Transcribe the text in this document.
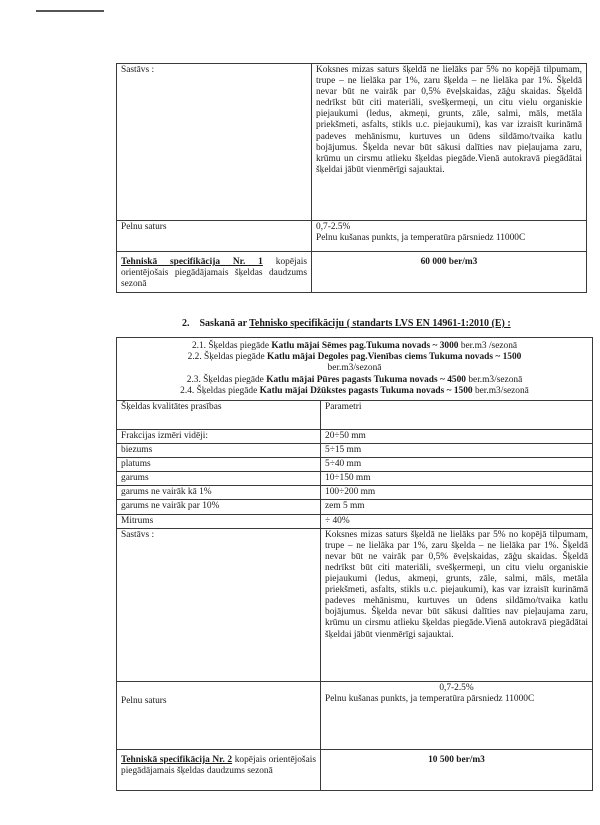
Sastāvs :	Koksnes mizas saturs šķeldā ne lielāks par 5% no kopējā tilpumam, trupe – ne lielāka par 1%, zaru šķelda – ne lielāka par 1%. Šķeldā nevar būt ne vairāk par 0,5% ēveļskaidas, zāģu skaidas. Šķeldā nedrīkst būt citi materiāli, svešķermeņi, un citu vielu organiskie piejaukumi (ledus, akmeņi, grunts, zāle, salmi, māls, metāla priekšmeti, asfalts, stikls u.c. piejaukumi), kas var izraisīt kurināmā padeves mehānismu, kurtuves un ūdens sildāmo/tvaika katlu bojājumus. Šķelda nevar būt sākusi dalīties nav pieļaujama zaru, krūmu un cirsmu atlieku šķeldas piegāde.Vienā autokravā piegādātai šķeldai jābūt vienmērīgi sajauktai.
Pelnu saturs	0,7-2.5%
Pelnu kušanas punkts, ja temperatūra pārsniedz 11000C

Tehniskā specifikācija Nr. 1 kopējais orientējošais piegādājamais šķeldas daudzums sezonā	60 000 ber/m3
2. Saskanā ar Tehnisko specifikāciju ( standarts LVS EN 14961-1:2010 (E) :
2.1. Šķeldas piegāde Katlu mājai Sēmes pag.Tukuma novads ~ 3000 ber.m3 /sezonā
2.2. Šķeldas piegāde Katlu mājai Degoles pag.Vienības ciems Tukuma novads ~ 1500
ber.m3/sezonā
2.3. Šķeldas piegāde Katlu mājai Pūres pagasts Tukuma novads ~ 4500 ber.m3/sezonā
2.4. Šķeldas piegāde Katlu mājai Džūkstes pagasts Tukuma novads ~ 1500 ber.m3/sezonā	

Šķeldas kvalitātes prasības	Parametri
Frakcijas izmēri vidēji:	20÷50 mm
biezums	5÷15 mm
platums	5÷40 mm
garums	10÷150 mm
garums ne vairāk kā 1%	100÷200 mm
garums ne vairāk par 10%	zem 5 mm
Mitrums	÷ 40%
Sastāvs :	Koksnes mizas saturs šķeldā ne lielāks par 5% no kopējā tilpumam, trupe – ne lielāka par 1%, zaru šķelda – ne lielāka par 1%. Šķeldā nevar būt ne vairāk par 0,5% ēveļskaidas, zāģu skaidas. Šķeldā nedrīkst būt citi materiāli, svešķermeņi, un citu vielu organiskie piejaukumi (ledus, akmeņi, grunts, zāle, salmi, māls, metāla priekšmeti, asfalts, stikls u.c. piejaukumi), kas var izraisīt kurināmā padeves mehānismu, kurtuves un ūdens sildāmo/tvaika katlu bojājumus. Šķelda nevar būt sākusi dalīties nav pieļaujama zaru, krūmu un cirsmu atlieku šķeldas piegāde.Vienā autokravā piegādātai šķeldai jābūt vienmērīgi sajauktai.
Pelnu saturs	0,7-2.5%
Pelnu kušanas punkts, ja temperatūra pārsniedz 11000C

Tehniskā specifikācija Nr. 2 kopējais orientējošais piegādājamais šķeldas daudzums sezonā	10 500 ber/m3
